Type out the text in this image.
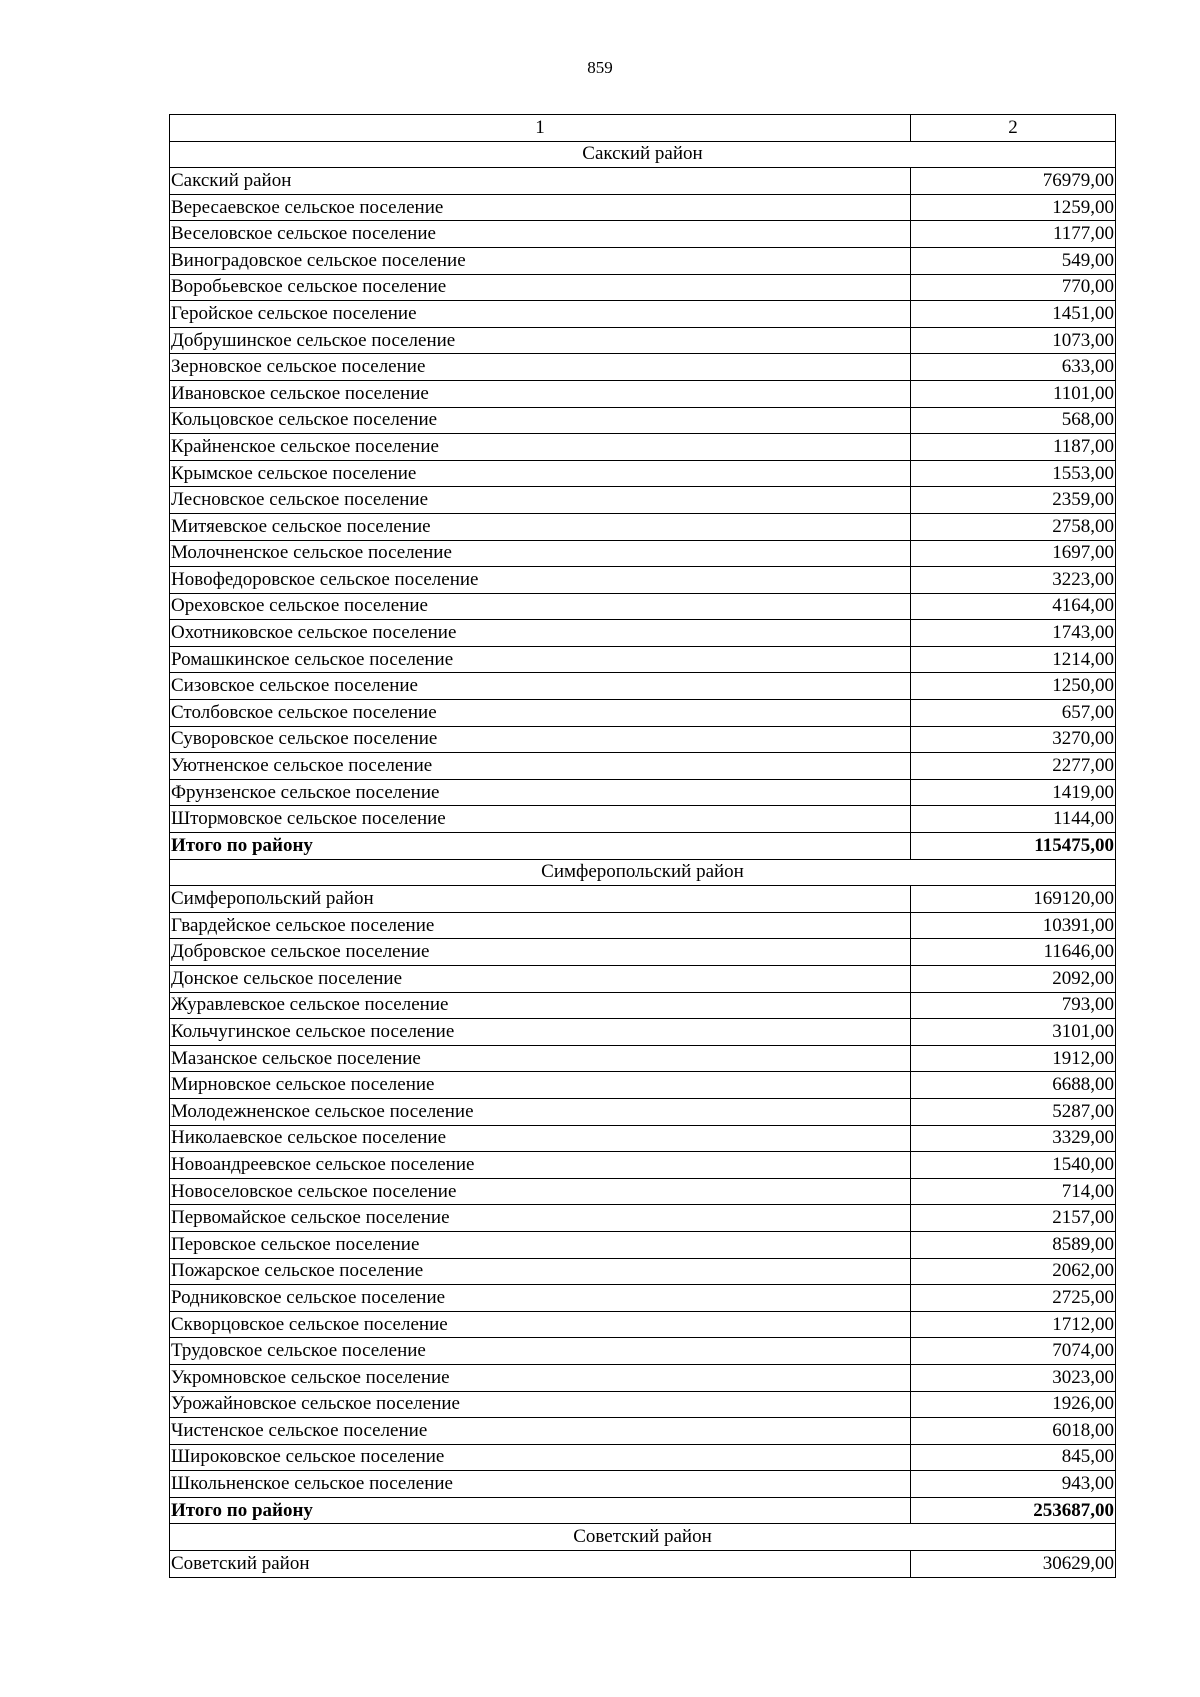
859
1	2
Сакский район	
Сакский район	76979,00
Вересаевское сельское поселение	1259,00
Веселовское сельское поселение	1177,00
Виноградовское сельское поселение	549,00
Воробьевское сельское поселение	770,00
Геройское сельское поселение	1451,00
Добрушинское сельское поселение	1073,00
Зерновское сельское поселение	633,00
Ивановское сельское поселение	1101,00
Кольцовское сельское поселение	568,00
Крайненское сельское поселение	1187,00
Крымское сельское поселение	1553,00
Лесновское сельское поселение	2359,00
Митяевское сельское поселение	2758,00
Молочненское сельское поселение	1697,00
Новофедоровское сельское поселение	3223,00
Ореховское сельское поселение	4164,00
Охотниковское сельское поселение	1743,00
Ромашкинское сельское поселение	1214,00
Сизовское сельское поселение	1250,00
Столбовское сельское поселение	657,00
Суворовское сельское поселение	3270,00
Уютненское сельское поселение	2277,00
Фрунзенское сельское поселение	1419,00
Штормовское сельское поселение	1144,00
Итого по району	115475,00
Симферопольский район	
Симферопольский район	169120,00
Гвардейское сельское поселение	10391,00
Добровское сельское поселение	11646,00
Донское сельское поселение	2092,00
Журавлевское сельское поселение	793,00
Кольчугинское сельское поселение	3101,00
Мазанское сельское поселение	1912,00
Мирновское сельское поселение	6688,00
Молодежненское сельское поселение	5287,00
Николаевское сельское поселение	3329,00
Новоандреевское сельское поселение	1540,00
Новоселовское сельское поселение	714,00
Первомайское сельское поселение	2157,00
Перовское сельское поселение	8589,00
Пожарское сельское поселение	2062,00
Родниковское сельское поселение	2725,00
Скворцовское сельское поселение	1712,00
Трудовское сельское поселение	7074,00
Укромновское сельское поселение	3023,00
Урожайновское сельское поселение	1926,00
Чистенское сельское поселение	6018,00
Широковское сельское поселение	845,00
Школьненское сельское поселение	943,00
Итого по району	253687,00
Советский район	
Советский район	30629,00
